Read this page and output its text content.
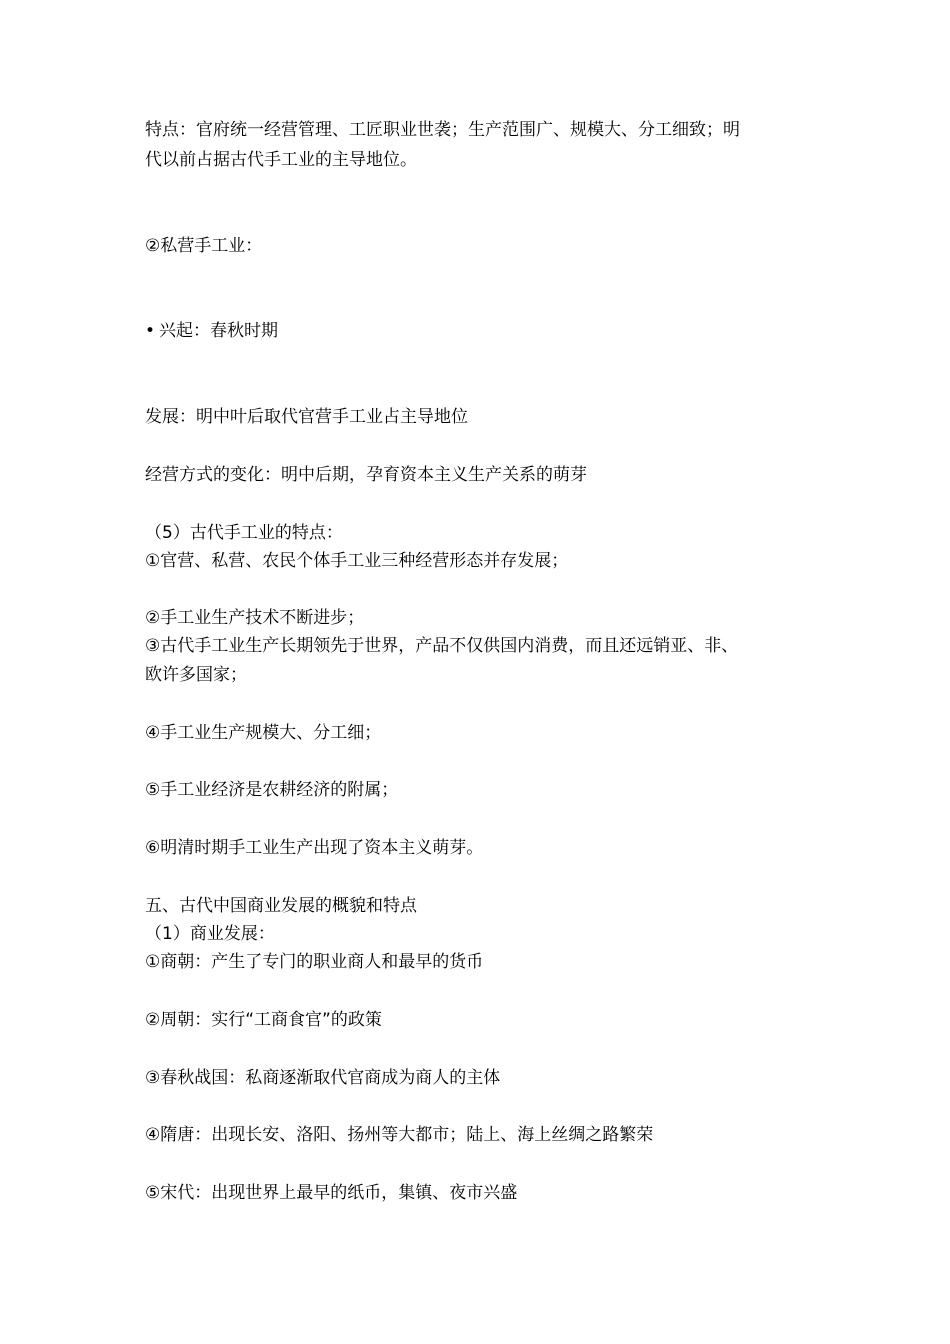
特点：官府统一经营管理、工匠职业世袭；生产范围广、规模大、分工细致；明
代以前占据古代手工业的主导地位。
②私营手工业：
• 兴起：春秋时期
发展：明中叶后取代官营手工业占主导地位
经营方式的变化：明中后期，孕育资本主义生产关系的萌芽
（5）古代手工业的特点：
①官营、私营、农民个体手工业三种经营形态并存发展；
②手工业生产技术不断进步；
③古代手工业生产长期领先于世界，产品不仅供国内消费，而且还远销亚、非、
欧许多国家；
④手工业生产规模大、分工细；
⑤手工业经济是农耕经济的附属；
⑥明清时期手工业生产出现了资本主义萌芽。
五、古代中国商业发展的概貌和特点
（1）商业发展：
①商朝：产生了专门的职业商人和最早的货币
②周朝：实行“工商食官”的政策
③春秋战国：私商逐渐取代官商成为商人的主体
④隋唐：出现长安、洛阳、扬州等大都市；陆上、海上丝绸之路繁荣
⑤宋代：出现世界上最早的纸币，集镇、夜市兴盛
